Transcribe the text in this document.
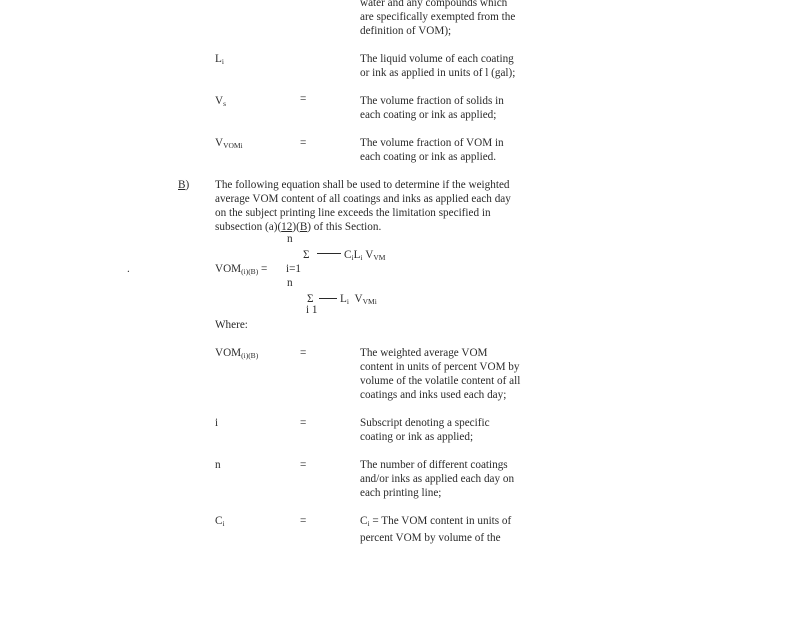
water and any compounds which
are specifically exempted from the
definition of VOM);
$L_i$	The liquid volume of each coating
or ink as applied in units of l (gal);
$V_s$	=	The volume fraction of solids in
each coating or ink as applied;
$V_{VOMi}$	=	The volume fraction of VOM in
each coating or ink as applied.
B) The following equation shall be used to determine if the weighted
average VOM content of all coatings and inks as applied each day
on the subject printing line exceeds the limitation specified in
subsection (a)(12)(B) of this Section.
n
Σ	$C_iL_i$ $V_{VM}$
.	$VOM_{(i)(B)} = i=1$
n
Σ $L_i$ $V_{VMi}$
i 1
Where:
$VOM_{(i)(B)}$	=	The weighted average VOM
content in units of percent VOM by
volume of the volatile content of all
coatings and inks used each day;
i	=	Subscript denoting a specific
coating or ink as applied;
n	=	The number of different coatings
and/or inks as applied each day on
each printing line;
$C_i$	=	$C_i$ = The VOM content in units of
percent VOM by volume of the
